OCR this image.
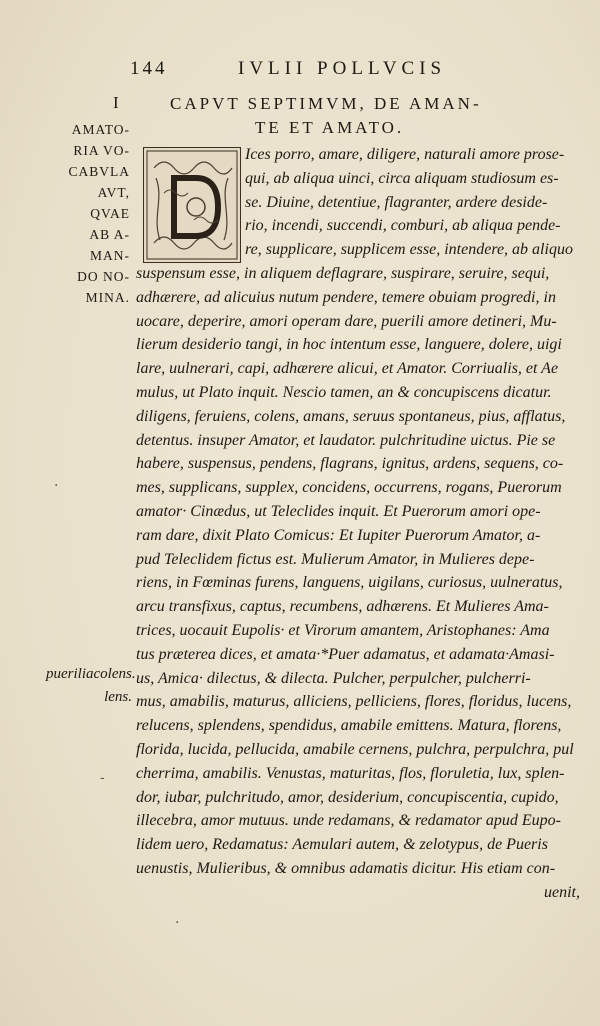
144	IVLII POLLVCIS
I	CAPVT SEPTIMVM, DE AMAN-
TE ET AMATO.
AMATO-
RIA VO-
CABVLA
AVT,
QVAE
AB A-
MAN-
DO NO-
MINA.
Ices porro, amare, diligere, naturali amore prose-
qui, ab aliqua uinci, circa aliquam studiosum es-
se. Diuine, detentiue, flagranter, ardere deside-
rio, incendi, succendi, comburi, ab aliqua pende-
re, supplicare, supplicem esse, intendere, ab aliquo
suspensum esse, in aliquem deflagrare, suspirare, seruire, sequi,
adhærere, ad alicuius nutum pendere, temere obuiam progredi, in
uocare, deperire, amori operam dare, puerili amore detineri, Mu-
lierum desiderio tangi, in hoc intentum esse, languere, dolere, uigi
lare, uulnerari, capi, adhærere alicui, et Amator. Corriualis, et Ae
mulus, ut Plato inquit. Nescio tamen, an & concupiscens dicatur.
diligens, feruiens, colens, amans, seruus spontaneus, pius, afflatus,
detentus. insuper Amator, et laudator. pulchritudine uictus. Pie se
habere, suspensus, pendens, flagrans, ignitus, ardens, sequens, co-
mes, supplicans, supplex, concidens, occurrens, rogans, Puerorum
amator· Cinædus, ut Teleclides inquit. Et Puerorum amori ope-
ram dare, dixit Plato Comicus: Et Iupiter Puerorum Amator, a-
pud Teleclidem fictus est. Mulierum Amator, in Mulieres depe-
riens, in Fœminas furens, languens, uigilans, curiosus, uulneratus,
arcu transfixus, captus, recumbens, adhærens. Et Mulieres Ama-
trices, uocauit Eupolis· et Virorum amantem, Aristophanes: Ama
tus præterea dices, et amata·*Puer adamatus, et adamata·Amasi-
us, Amica· dilectus, & dilecta. Pulcher, perpulcher, pulcherri-
mus, amabilis, maturus, alliciens, pelliciens, flores, floridus, lucens,
relucens, splendens, spendidus, amabile emittens. Matura, florens,
florida, lucida, pellucida, amabile cernens, pulchra, perpulchra, pul
cherrima, amabilis. Venustas, maturitas, flos, floruletia, lux, splen-
dor, iubar, pulchritudo, amor, desiderium, concupiscentia, cupido,
illecebra, amor mutuus. unde redamans, & redamator apud Eupo-
lidem uero, Redamatus: Aemulari autem, & zelotypus, de Pueris
uenustis, Mulieribus, & omnibus adamatis dicitur. His etiam con-
uenit,
pueriliacolens.
lens.
·
-
·
